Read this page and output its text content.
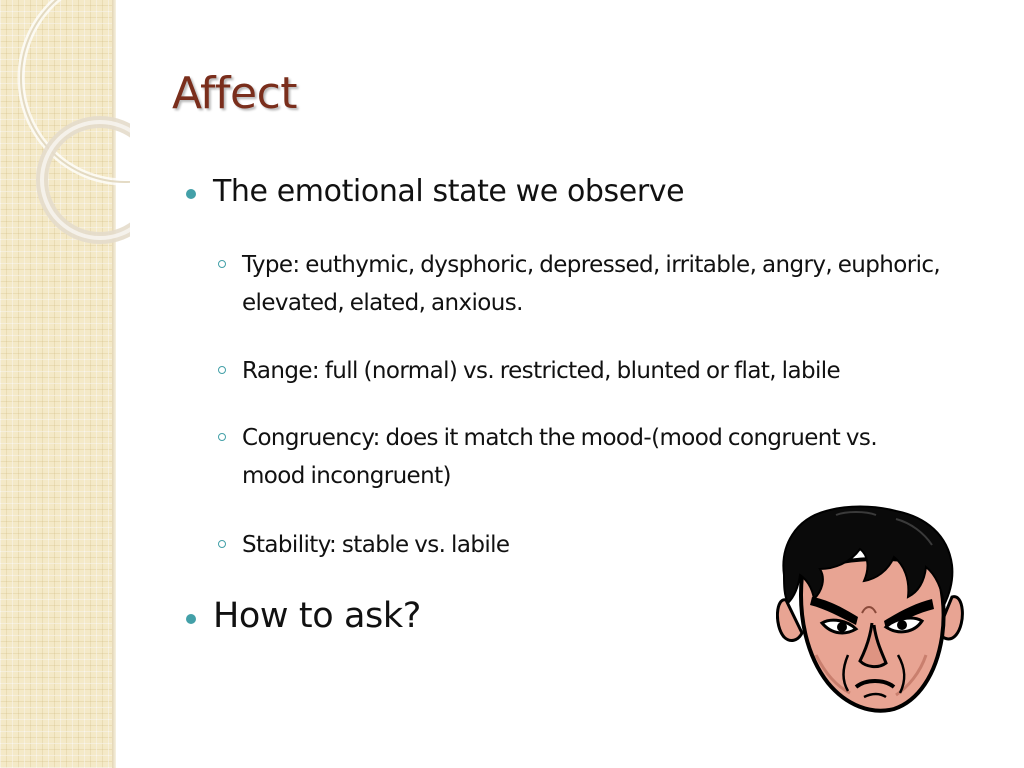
Affect
The emotional state we observe
Type: euthymic, dysphoric, depressed, irritable, angry, euphoric, elevated, elated, anxious.
Range: full (normal) vs. restricted, blunted or flat, labile
Congruency: does it match the mood-(mood congruent vs. mood incongruent)
Stability: stable vs. labile
How to ask?
